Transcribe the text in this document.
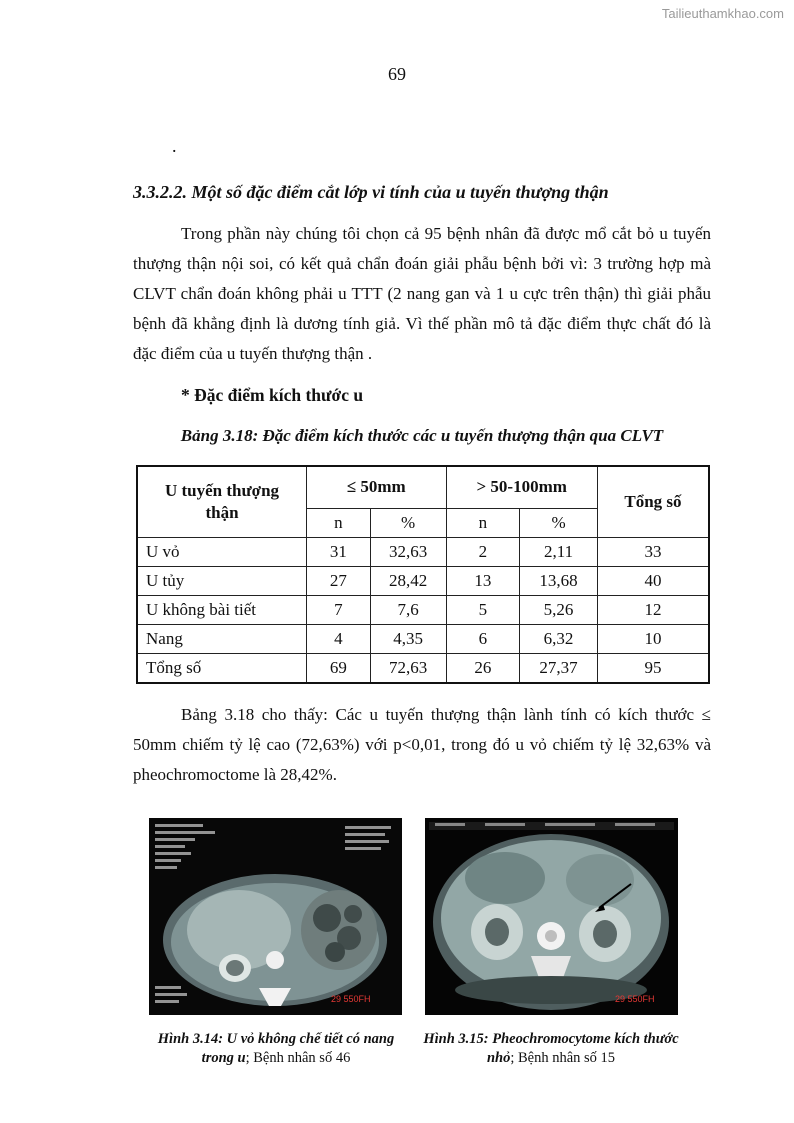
Tailieuthamkhao.com
69
.
3.3.2.2. Một số đặc điểm cắt lớp vi tính của u tuyến thượng thận
Trong phần này chúng tôi chọn cả 95 bệnh nhân đã được mổ cắt bỏ u tuyến thượng thận nội soi, có kết quả chẩn đoán giải phẫu bệnh bởi vì: 3 trường hợp mà CLVT chẩn đoán không phải u TTT (2 nang gan và 1 u cực trên thận) thì giải phẫu bệnh đã khẳng định là dương tính giả. Vì thế phần mô tả đặc điểm thực chất đó là đặc điểm của u tuyến thượng thận .
* Đặc điểm kích thước u
Bảng 3.18: Đặc điểm kích thước các u tuyến thượng thận qua CLVT
U tuyến thượng thận	≤ 50mm		> 50-100mm		Tổng số
	n	%	n	%	
U vỏ	31	32,63	2	2,11	33
U tủy	27	28,42	13	13,68	40
U không bài tiết	7	7,6	5	5,26	12
Nang	4	4,35	6	6,32	10
Tổng số	69	72,63	26	27,37	95
Bảng 3.18 cho thấy: Các u tuyến thượng thận lành tính có kích thước ≤ 50mm chiếm tỷ lệ cao (72,63%) với p<0,01, trong đó u vỏ chiếm tỷ lệ 32,63% và pheochromoctome là 28,42%.
29 550FH	29 550FH
Hình 3.14: U vỏ không chế tiết có nang trong u; Bệnh nhân số 46
Hình 3.15: Pheochromocytome kích thước nhỏ; Bệnh nhân số 15
